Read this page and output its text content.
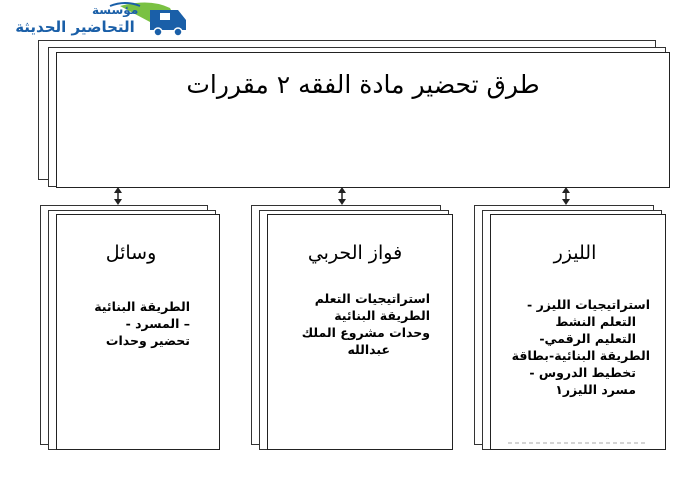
مؤسسة
التحاضير الحديثة
طرق تحضير مادة الفقه ٢ مقررات
وسائل
الطريقة البنائية
– المسرد -
تحضير وحدات
فواز الحربي
استراتيجيات التعلم
الطريقة البنائية
وحدات مشروع الملك
عبدالله
الليزر
استراتيجيات الليزر -
التعلم النشط
التعليم الرقمي-
الطريقة البنائية-بطاقة
تخطيط الدروس -
مسرد الليزر١
